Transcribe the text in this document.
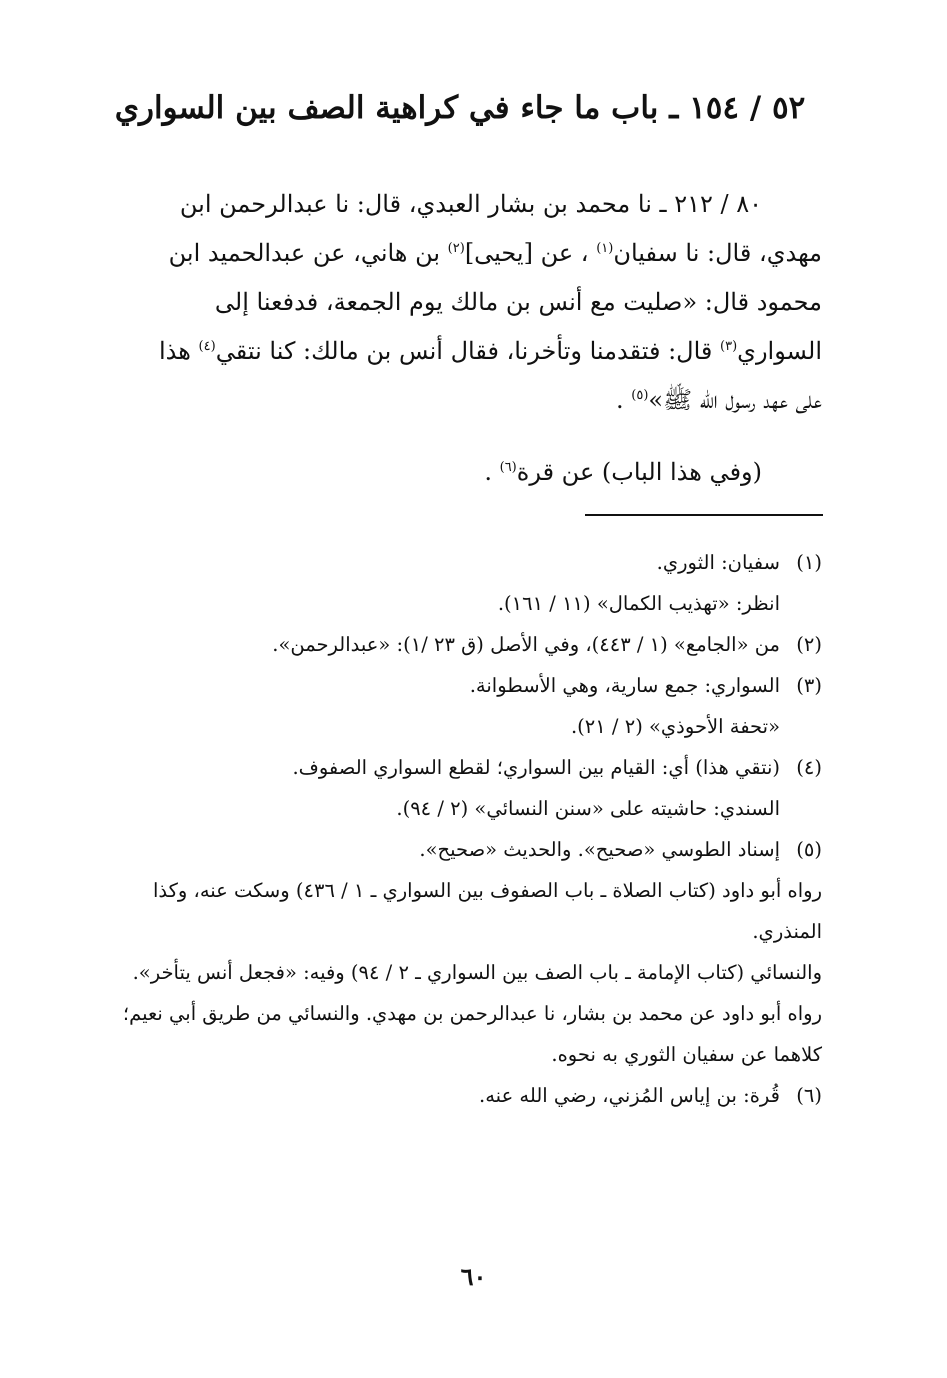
٥٢ / ١٥٤ ـ باب ما جاء في كراهية الصف بين السواري

٨٠ / ٢١٢ ـ نا محمد بن بشار العبدي، قال: نا عبدالرحمن ابن

مهدي، قال: نا سفيان$^{(١)}$ ، عن [يحيى]$^{(٢)}$ بن هاني، عن عبدالحميد ابن

محمود قال: «صليت مع أنس بن مالك يوم الجمعة، فدفعنا إلى

السواري$^{(٣)}$ قال: فتقدمنا وتأخرنا، فقال أنس بن مالك: كنا نتقي$^{(٤)}$ هذا

على عهد رسول الله ﷺ»$^{(٥)}$ .

(وفي هذا الباب) عن قرة$^{(٦)}$ .
(١)
سفيان: الثوري.
انظر: «تهذيب الكمال» (١١ / ١٦١).
(٢)
من «الجامع» (١ / ٤٤٣)، وفي الأصل (ق ٢٣ /١): «عبدالرحمن».
(٣)
السواري: جمع سارية، وهي الأسطوانة.
«تحفة الأحوذي» (٢ / ٢١).
(٤)
(نتقي هذا) أي: القيام بين السواري؛ لقطع السواري الصفوف.
السندي: حاشيته على «سنن النسائي» (٢ / ٩٤).
(٥)
إسناد الطوسي «صحيح». والحديث «صحيح».
رواه أبو داود (كتاب الصلاة ـ باب الصفوف بين السواري ـ ١ / ٤٣٦) وسكت عنه، وكذا المنذري.
والنسائي (كتاب الإمامة ـ باب الصف بين السواري ـ ٢ / ٩٤) وفيه: «فجعل أنس يتأخر».
رواه أبو داود عن محمد بن بشار، نا عبدالرحمن بن مهدي. والنسائي من طريق أبي نعيم؛
كلاهما عن سفيان الثوري به نحوه.
(٦)
قُرة: بن إياس المُزني، رضي الله عنه.
٦٠
